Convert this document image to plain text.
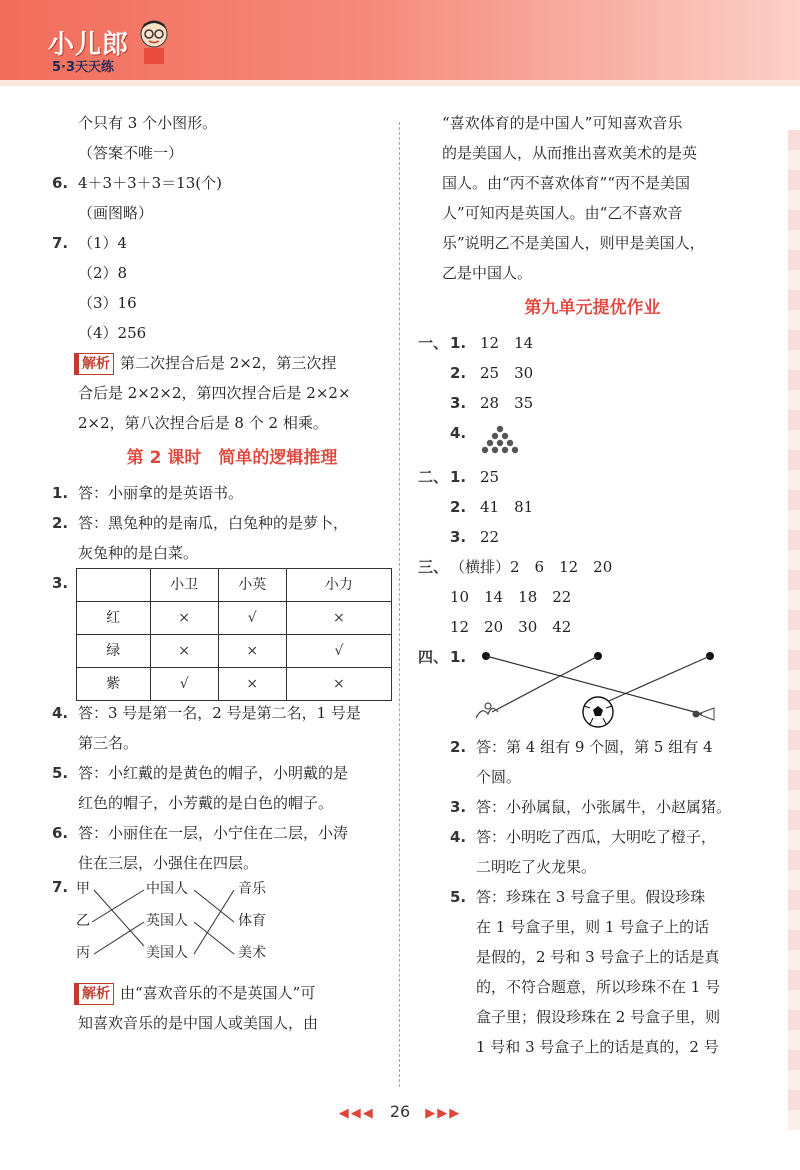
小儿郎
5·3天天练
个只有 3 个小图形。
（答案不唯一）
6. 4＋3＋3＋3＝13(个)
（画图略）
7. （1）4
（2）8
（3）16
（4）256
解析 第二次捏合后是 2×2，第三次捏
合后是 2×2×2，第四次捏合后是 2×2×
2×2，第八次捏合后是 8 个 2 相乘。
第 2 课时　简单的逻辑推理
1. 答：小丽拿的是英语书。
2. 答：黑兔种的是南瓜，白兔种的是萝卜，
灰兔种的是白菜。
3.
		小卫	小英	小力
红	×	√	×
绿	×	×	√
紫	√	×	×
4. 答：3 号是第一名，2 号是第二名，1 号是
第三名。
5. 答：小红戴的是黄色的帽子，小明戴的是
红色的帽子，小芳戴的是白色的帽子。
6. 答：小丽住在一层，小宁住在二层，小涛
住在三层，小强住在四层。
7. 甲
乙
丙
中国人
英国人
美国人
音乐
体育
美术
解析 由“喜欢音乐的不是英国人”可
知喜欢音乐的是中国人或美国人，由
“喜欢体育的是中国人”可知喜欢音乐
的是美国人，从而推出喜欢美术的是英
国人。由“丙不喜欢体育”“丙不是美国
人”可知丙是英国人。由“乙不喜欢音
乐”说明乙不是美国人，则甲是美国人，
乙是中国人。
第九单元提优作业
一、 1. 12　14
2. 25　30
3. 28　35
4.
二、 1. 25
2. 41　81
3. 22
三、 （横排）2　6　12　20
10　14　18　22
12　20　30　42
四、 1.
2. 答：第 4 组有 9 个圆，第 5 组有 4
个圆。
3. 答：小孙属鼠，小张属牛，小赵属猪。
4. 答：小明吃了西瓜，大明吃了橙子，
二明吃了火龙果。
5. 答：珍珠在 3 号盒子里。假设珍珠
在 1 号盒子里，则 1 号盒子上的话
是假的，2 号和 3 号盒子上的话是真
的，不符合题意，所以珍珠不在 1 号
盒子里；假设珍珠在 2 号盒子里，则
1 号和 3 号盒子上的话是真的，2 号
◀◀◀ 26 ▶▶▶
